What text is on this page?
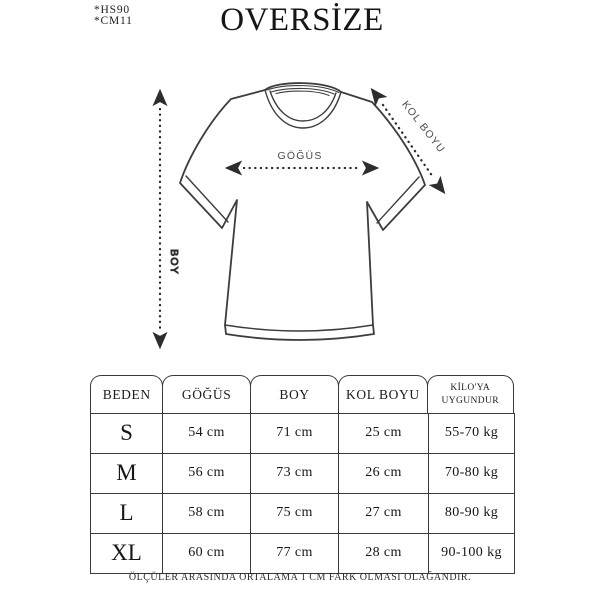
*HS90
*CM11	OVERSİZE
BOY
GÖĞÜS
KOL BOYU
BEDEN	GÖĞÜS	BOY	KOL BOYU	KİLO'YA UYGUNDUR
S	54 cm	71 cm	25 cm	55-70 kg
M	56 cm	73 cm	26 cm	70-80 kg
L	58 cm	75 cm	27 cm	80-90 kg
XL	60 cm	77 cm	28 cm	90-100 kg
ÖLÇÜLER ARASINDA ORTALAMA 1 CM FARK OLMASI OLAĞANDIR.
